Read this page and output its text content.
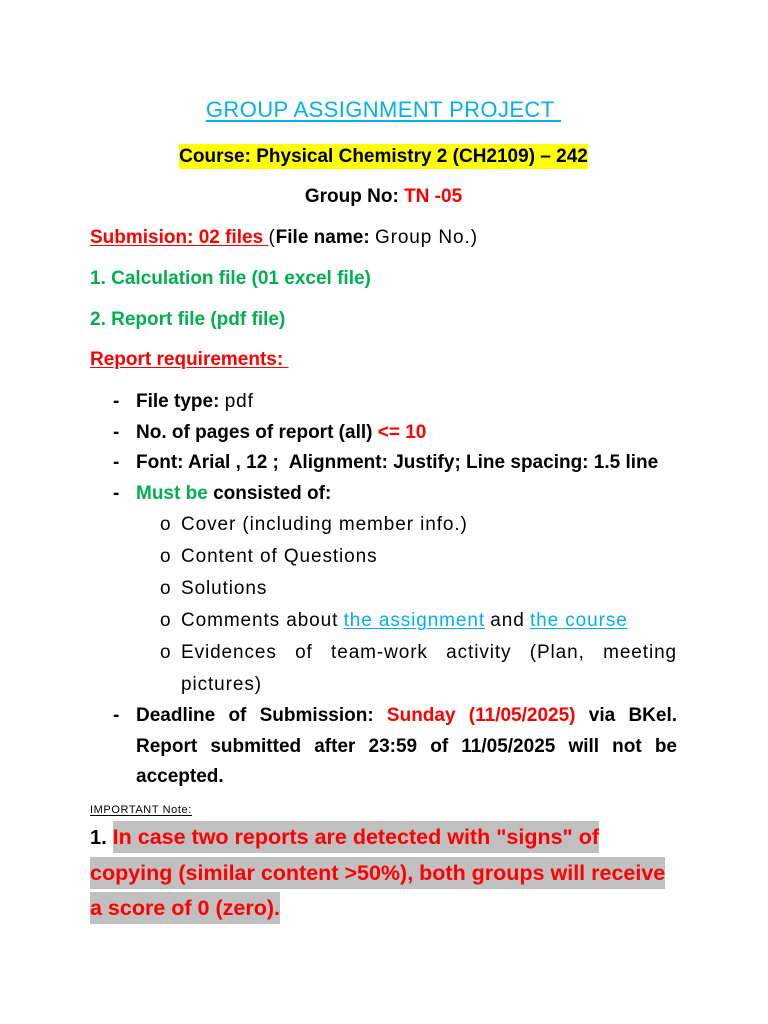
GROUP ASSIGNMENT PROJECT
Course: Physical Chemistry 2 (CH2109) – 242
Group No: TN -05
Submision: 02 files (File name: Group No.)
1. Calculation file (01 excel file)
2. Report file (pdf file)
Report requirements:
- File type: pdf
- No. of pages of report (all) <= 10
- Font: Arial , 12 ;  Alignment: Justify; Line spacing: 1.5 line
- Must be consisted of:
o Cover (including member info.)
o Content of Questions
o Solutions
o Comments about the assignment and the course
o Evidences of team-work activity (Plan, meeting pictures)
- Deadline of Submission: Sunday (11/05/2025) via BKel. Report submitted after 23:59 of 11/05/2025 will not be accepted.
IMPORTANT Note:
1. In case two reports are detected with "signs" of copying (similar content >50%), both groups will receive a score of 0 (zero).
